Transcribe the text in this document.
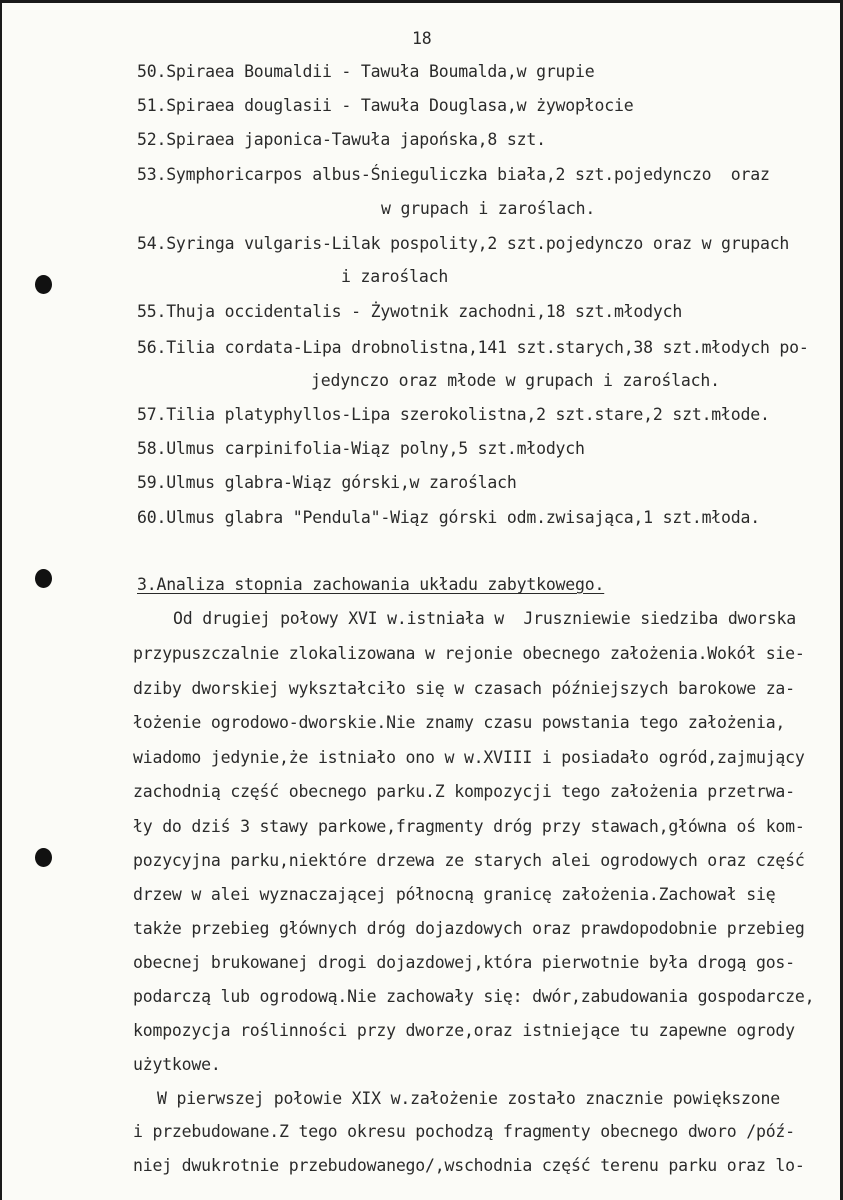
18
50.Spiraea Boumaldii - Tawuła Boumalda,w grupie
51.Spiraea douglasii - Tawuła Douglasa,w żywopłocie
52.Spiraea japonica-Tawuła japońska,8 szt.
53.Symphoricarpos albus-Śnieguliczka biała,2 szt.pojedynczo  oraz
w grupach i zaroślach.
54.Syringa vulgaris-Lilak pospolity,2 szt.pojedynczo oraz w grupach
i zaroślach
55.Thuja occidentalis - Żywotnik zachodni,18 szt.młodych
56.Tilia cordata-Lipa drobnolistna,141 szt.starych,38 szt.młodych po-
jedynczo oraz młode w grupach i zaroślach.
57.Tilia platyphyllos-Lipa szerokolistna,2 szt.stare,2 szt.młode.
58.Ulmus carpinifolia-Wiąz polny,5 szt.młodych
59.Ulmus glabra-Wiąz górski,w zaroślach
60.Ulmus glabra "Pendula"-Wiąz górski odm.zwisająca,1 szt.młoda.
3.Analiza stopnia zachowania układu zabytkowego.
Od drugiej połowy XVI w.istniała w  Jruszniewie siedziba dworska
przypuszczalnie zlokalizowana w rejonie obecnego założenia.Wokół sie-
dziby dworskiej wykształciło się w czasach późniejszych barokowe za-
łożenie ogrodowo-dworskie.Nie znamy czasu powstania tego założenia,
wiadomo jedynie,że istniało ono w w.XVIII i posiadało ogród,zajmujący
zachodnią część obecnego parku.Z kompozycji tego założenia przetrwa-
ły do dziś 3 stawy parkowe,fragmenty dróg przy stawach,główna oś kom-
pozycyjna parku,niektóre drzewa ze starych alei ogrodowych oraz część
drzew w alei wyznaczającej północną granicę założenia.Zachował się
także przebieg głównych dróg dojazdowych oraz prawdopodobnie przebieg
obecnej brukowanej drogi dojazdowej,która pierwotnie była drogą gos-
podarczą lub ogrodową.Nie zachowały się: dwór,zabudowania gospodarcze,
kompozycja roślinności przy dworze,oraz istniejące tu zapewne ogrody
użytkowe.
W pierwszej połowie XIX w.założenie zostało znacznie powiększone
i przebudowane.Z tego okresu pochodzą fragmenty obecnego dworo /póź-
niej dwukrotnie przebudowanego/,wschodnia część terenu parku oraz lo-
